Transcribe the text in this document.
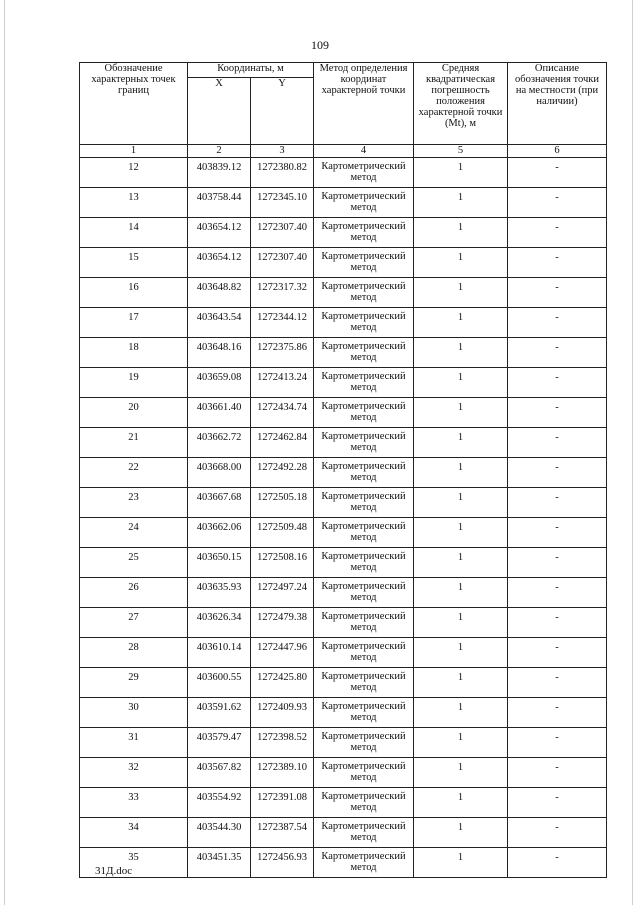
109
Обозначение характерных точек границ	Координаты, м		Метод определения координат характерной точки	Средняя квадратическая погрешность положения характерной точки (Mt), м	Описание обозначения точки на местности (при наличии)
	X	Y			
1	2	3	4	5	6
12	403839.12	1272380.82	Картометрический метод	1	-
13	403758.44	1272345.10	Картометрический метод	1	-
14	403654.12	1272307.40	Картометрический метод	1	-
15	403654.12	1272307.40	Картометрический метод	1	-
16	403648.82	1272317.32	Картометрический метод	1	-
17	403643.54	1272344.12	Картометрический метод	1	-
18	403648.16	1272375.86	Картометрический метод	1	-
19	403659.08	1272413.24	Картометрический метод	1	-
20	403661.40	1272434.74	Картометрический метод	1	-
21	403662.72	1272462.84	Картометрический метод	1	-
22	403668.00	1272492.28	Картометрический метод	1	-
23	403667.68	1272505.18	Картометрический метод	1	-
24	403662.06	1272509.48	Картометрический метод	1	-
25	403650.15	1272508.16	Картометрический метод	1	-
26	403635.93	1272497.24	Картометрический метод	1	-
27	403626.34	1272479.38	Картометрический метод	1	-
28	403610.14	1272447.96	Картометрический метод	1	-
29	403600.55	1272425.80	Картометрический метод	1	-
30	403591.62	1272409.93	Картометрический метод	1	-
31	403579.47	1272398.52	Картометрический метод	1	-
32	403567.82	1272389.10	Картометрический метод	1	-
33	403554.92	1272391.08	Картометрический метод	1	-
34	403544.30	1272387.54	Картометрический метод	1	-
35	403451.35	1272456.93	Картометрический метод	1	-
31Д.doc
